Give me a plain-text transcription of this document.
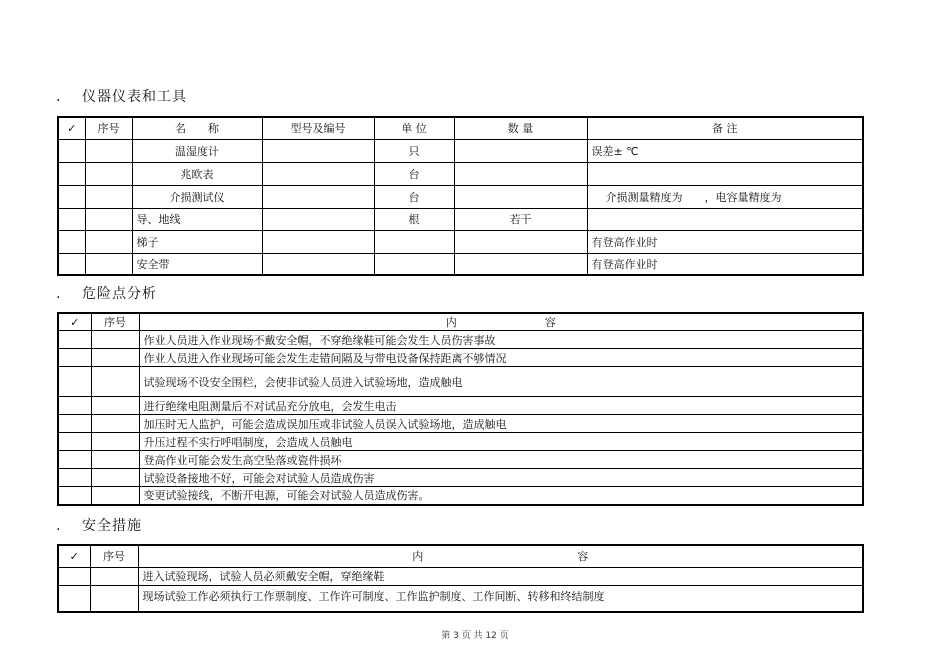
. 仪器仪表和工具
✓	序号	名　　称	型号及编号	单 位	数 量	备 注
		温湿度计		只		误差± ℃
		兆欧表		台		
		介损测试仪		台		介损测量精度为　　，电容量精度为
		导、地线		根	若干	
		梯子				有登高作业时
		安全带				有登高作业时
. 危险点分析
✓	序号	内　　　　　　　　容
		作业人员进入作业现场不戴安全帽，不穿绝缘鞋可能会发生人员伤害事故
		作业人员进入作业现场可能会发生走错间隔及与带电设备保持距离不够情况
		试验现场不设安全围栏，会使非试验人员进入试验场地，造成触电
		进行绝缘电阻测量后不对试品充分放电，会发生电击
		加压时无人监护，可能会造成误加压或非试验人员误入试验场地，造成触电
		升压过程不实行呼唱制度，会造成人员触电
		登高作业可能会发生高空坠落或瓷件损坏
		试验设备接地不好，可能会对试验人员造成伤害
		变更试验接线，不断开电源，可能会对试验人员造成伤害。
. 安全措施
✓	序号	内　　　　　　　　　　　　　　容
		进入试验现场，试验人员必须戴安全帽，穿绝缘鞋
		现场试验工作必须执行工作票制度、工作许可制度、工作监护制度、工作间断、转移和终结制度
第 3 页 共 12 页
